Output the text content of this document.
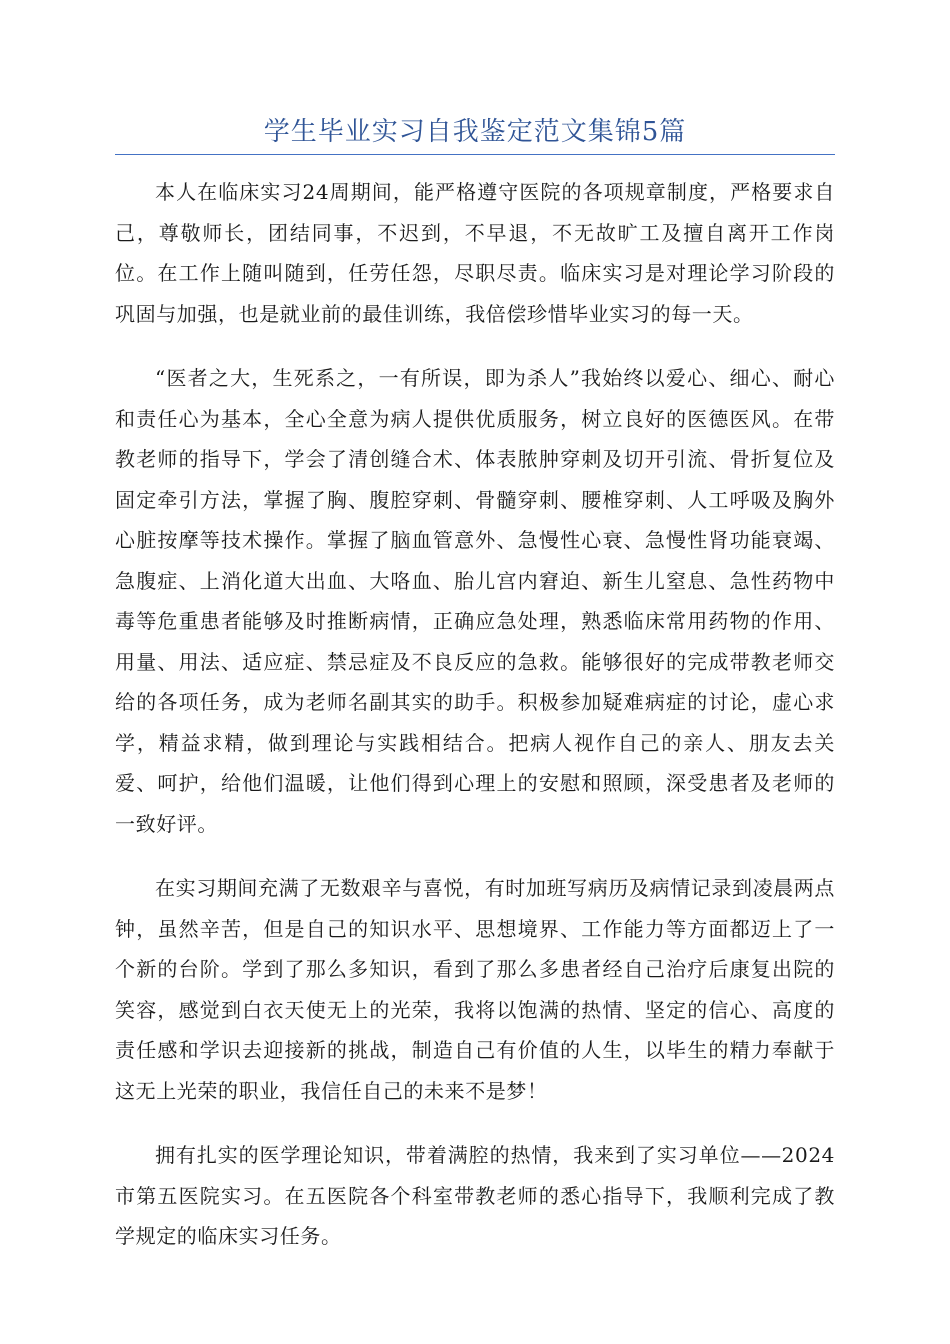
学生毕业实习自我鉴定范文集锦5篇

本人在临床实习24周期间，能严格遵守医院的各项规章制度，严格要求自己，尊敬师长，团结同事，不迟到，不早退，不无故旷工及擅自离开工作岗位。在工作上随叫随到，任劳任怨，尽职尽责。临床实习是对理论学习阶段的巩固与加强，也是就业前的最佳训练，我倍偿珍惜毕业实习的每一天。

“医者之大，生死系之，一有所误，即为杀人”我始终以爱心、细心、耐心和责任心为基本，全心全意为病人提供优质服务，树立良好的医德医风。在带教老师的指导下，学会了清创缝合术、体表脓肿穿刺及切开引流、骨折复位及固定牵引方法，掌握了胸、腹腔穿刺、骨髓穿刺、腰椎穿刺、人工呼吸及胸外心脏按摩等技术操作。掌握了脑血管意外、急慢性心衰、急慢性肾功能衰竭、急腹症、上消化道大出血、大咯血、胎儿宫内窘迫、新生儿窒息、急性药物中毒等危重患者能够及时推断病情，正确应急处理，熟悉临床常用药物的作用、用量、用法、适应症、禁忌症及不良反应的急救。能够很好的完成带教老师交给的各项任务，成为老师名副其实的助手。积极参加疑难病症的讨论，虚心求学，精益求精，做到理论与实践相结合。把病人视作自己的亲人、朋友去关爱、呵护，给他们温暖，让他们得到心理上的安慰和照顾，深受患者及老师的一致好评。

在实习期间充满了无数艰辛与喜悦，有时加班写病历及病情记录到凌晨两点钟，虽然辛苦，但是自己的知识水平、思想境界、工作能力等方面都迈上了一个新的台阶。学到了那么多知识，看到了那么多患者经自己治疗后康复出院的笑容，感觉到白衣天使无上的光荣，我将以饱满的热情、坚定的信心、高度的责任感和学识去迎接新的挑战，制造自己有价值的人生，以毕生的精力奉献于这无上光荣的职业，我信任自己的未来不是梦！

拥有扎实的医学理论知识，带着满腔的热情，我来到了实习单位——2024市第五医院实习。在五医院各个科室带教老师的悉心指导下，我顺利完成了教学规定的临床实习任务。
